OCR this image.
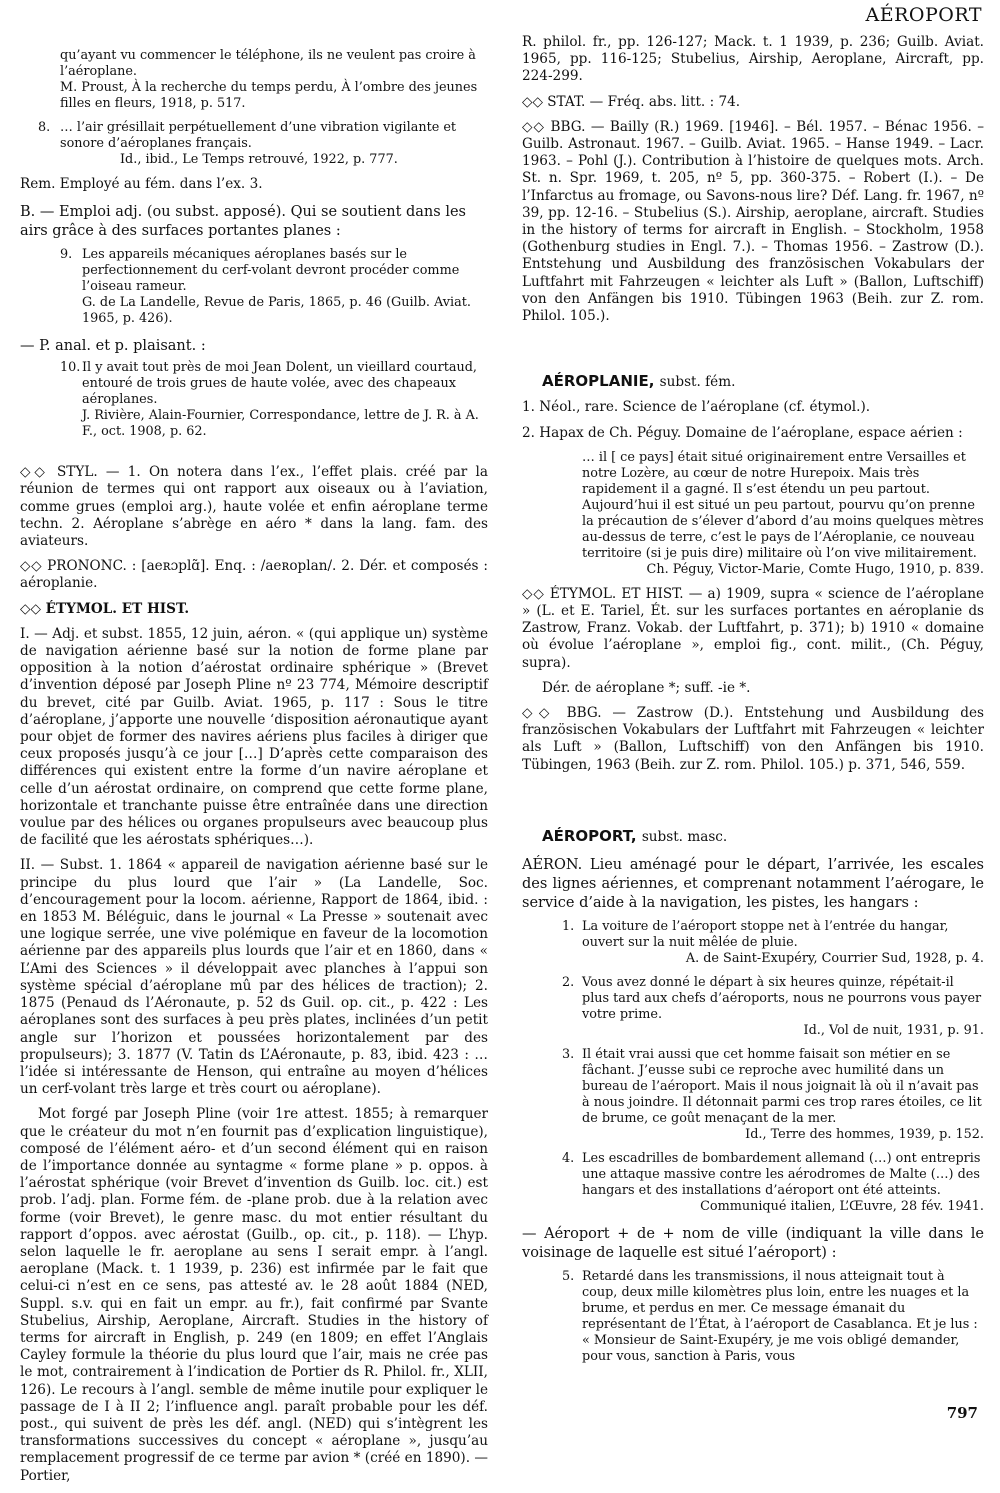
AÉROPORT
qu’ayant vu commencer le téléphone, ils ne veulent pas croire à l’aéroplane.
M. Proust, À la recherche du temps perdu, À l’ombre des jeunes filles en fleurs, 1918, p. 517.
8. … l’air grésillait perpétuellement d’une vibration vigilante et sonore d’aéroplanes français.
Id., ibid., Le Temps retrouvé, 1922, p. 777.
Rem. Employé au fém. dans l’ex. 3.
B. — Emploi adj. (ou subst. apposé). Qui se soutient dans les airs grâce à des surfaces portantes planes :
9. Les appareils mécaniques aéroplanes basés sur le perfectionnement du cerf-volant devront procéder comme l’oiseau rameur.
G. de La Landelle, Revue de Paris, 1865, p. 46 (Guilb. Aviat. 1965, p. 426).
— P. anal. et p. plaisant. :
10. Il y avait tout près de moi Jean Dolent, un vieillard courtaud, entouré de trois grues de haute volée, avec des chapeaux aéroplanes.
J. Rivière, Alain-Fournier, Correspondance, lettre de J. R. à A. F., oct. 1908, p. 62.
◇◇ STYL. — 1. On notera dans l’ex., l’effet plais. créé par la réunion de termes qui ont rapport aux oiseaux ou à l’aviation, comme grues (emploi arg.), haute volée et enfin aéroplane terme techn. 2. Aéroplane s’abrège en aéro * dans la lang. fam. des aviateurs.
◇◇ PRONONC. : [aeʀɔplɑ̃]. Enq. : /aeʀoplan/. 2. Dér. et composés : aéroplanie.
◇◇ ÉTYMOL. ET HIST.
I. — Adj. et subst. 1855, 12 juin, aéron. « (qui applique un) système de navigation aérienne basé sur la notion de forme plane par opposition à la notion d’aérostat ordinaire sphérique » (Brevet d’invention déposé par Joseph Pline nº 23 774, Mémoire descriptif du brevet, cité par Guilb. Aviat. 1965, p. 117 : Sous le titre d’aéroplane, j’apporte une nouvelle ‘disposition aéronautique ayant pour objet de former des navires aériens plus faciles à diriger que ceux proposés jusqu’à ce jour […] D’après cette comparaison des différences qui existent entre la forme d’un navire aéroplane et celle d’un aérostat ordinaire, on comprend que cette forme plane, horizontale et tranchante puisse être entraînée dans une direction voulue par des hélices ou organes propulseurs avec beaucoup plus de facilité que les aérostats sphériques…).
II. — Subst. 1. 1864 « appareil de navigation aérienne basé sur le principe du plus lourd que l’air » (La Landelle, Soc. d’encouragement pour la locom. aérienne, Rapport de 1864, ibid. : en 1853 M. Béléguic, dans le journal « La Presse » soutenait avec une logique serrée, une vive polémique en faveur de la locomotion aérienne par des appareils plus lourds que l’air et en 1860, dans « L’Ami des Sciences » il développait avec planches à l’appui son système spécial d’aéroplane mû par des hélices de traction); 2. 1875 (Penaud ds l’Aéronaute, p. 52 ds Guil. op. cit., p. 422 : Les aéroplanes sont des surfaces à peu près plates, inclinées d’un petit angle sur l’horizon et poussées horizontalement par des propulseurs); 3. 1877 (V. Tatin ds L’Aéronaute, p. 83, ibid. 423 : … l’idée si intéressante de Henson, qui entraîne au moyen d’hélices un cerf-volant très large et très court ou aéroplane).
Mot forgé par Joseph Pline (voir 1re attest. 1855; à remarquer que le créateur du mot n’en fournit pas d’explication linguistique), composé de l’élément aéro- et d’un second élément qui en raison de l’importance donnée au syntagme « forme plane » p. oppos. à l’aérostat sphérique (voir Brevet d’invention ds Guilb. loc. cit.) est prob. l’adj. plan. Forme fém. de -plane prob. due à la relation avec forme (voir Brevet), le genre masc. du mot entier résultant du rapport d’oppos. avec aérostat (Guilb., op. cit., p. 118). — L’hyp. selon laquelle le fr. aeroplane au sens I serait empr. à l’angl. aeroplane (Mack. t. 1 1939, p. 236) est infirmée par le fait que celui-ci n’est en ce sens, pas attesté av. le 28 août 1884 (NED, Suppl. s.v. qui en fait un empr. au fr.), fait confirmé par Svante Stubelius, Airship, Aeroplane, Aircraft. Studies in the history of terms for aircraft in English, p. 249 (en 1809; en effet l’Anglais Cayley formule la théorie du plus lourd que l’air, mais ne crée pas le mot, contrairement à l’indication de Portier ds R. Philol. fr., XLII, 126). Le recours à l’angl. semble de même inutile pour expliquer le passage de I à II 2; l’influence angl. paraît probable pour les déf. post., qui suivent de près les déf. angl. (NED) qui s’intègrent les transformations successives du concept « aéroplane », jusqu’au remplacement progressif de ce terme par avion * (créé en 1890). — Portier,
R. philol. fr., pp. 126-127; Mack. t. 1 1939, p. 236; Guilb. Aviat. 1965, pp. 116-125; Stubelius, Airship, Aeroplane, Aircraft, pp. 224-299.
◇◇ STAT. — Fréq. abs. litt. : 74.
◇◇ BBG. — Bailly (R.) 1969. [1946]. – Bél. 1957. – Bénac 1956. – Guilb. Astronaut. 1967. – Guilb. Aviat. 1965. – Hanse 1949. – Lacr. 1963. – Pohl (J.). Contribution à l’histoire de quelques mots. Arch. St. n. Spr. 1969, t. 205, nº 5, pp. 360-375. – Robert (I.). – De l’Infarctus au fromage, ou Savons-nous lire? Déf. Lang. fr. 1967, nº 39, pp. 12-16. – Stubelius (S.). Airship, aeroplane, aircraft. Studies in the history of terms for aircraft in English. – Stockholm, 1958 (Gothenburg studies in Engl. 7.). – Thomas 1956. – Zastrow (D.). Entstehung und Ausbildung des französischen Vokabulars der Luftfahrt mit Fahrzeugen « leichter als Luft » (Ballon, Luftschiff) von den Anfängen bis 1910. Tübingen 1963 (Beih. zur Z. rom. Philol. 105.).
AÉROPLANIE, subst. fém.
1. Néol., rare. Science de l’aéroplane (cf. étymol.).
2. Hapax de Ch. Péguy. Domaine de l’aéroplane, espace aérien :
… il [ ce pays] était situé originairement entre Versailles et notre Lozère, au cœur de notre Hurepoix. Mais très rapidement il a gagné. Il s’est étendu un peu partout. Aujourd’hui il est situé un peu partout, pourvu qu’on prenne la précaution de s’élever d’abord d’au moins quelques mètres au-dessus de terre, c’est le pays de l’Aéroplanie, ce nouveau territoire (si je puis dire) militaire où l’on vive militairement.
Ch. Péguy, Victor-Marie, Comte Hugo, 1910, p. 839.
◇◇ ÉTYMOL. ET HIST. — a) 1909, supra « science de l’aéroplane » (L. et E. Tariel, Ét. sur les surfaces portantes en aéroplanie ds Zastrow, Franz. Vokab. der Luftfahrt, p. 371); b) 1910 « domaine où évolue l’aéroplane », emploi fig., cont. milit., (Ch. Péguy, supra).
Dér. de aéroplane *; suff. -ie *.
◇◇ BBG. — Zastrow (D.). Entstehung und Ausbildung des französischen Vokabulars der Luftfahrt mit Fahrzeugen « leichter als Luft » (Ballon, Luftschiff) von den Anfängen bis 1910. Tübingen, 1963 (Beih. zur Z. rom. Philol. 105.) p. 371, 546, 559.
AÉROPORT, subst. masc.
AÉRON. Lieu aménagé pour le départ, l’arrivée, les escales des lignes aériennes, et comprenant notamment l’aérogare, le service d’aide à la navigation, les pistes, les hangars :
1. La voiture de l’aéroport stoppe net à l’entrée du hangar, ouvert sur la nuit mêlée de pluie.
A. de Saint-Exupéry, Courrier Sud, 1928, p. 4.
2. Vous avez donné le départ à six heures quinze, répétait-il plus tard aux chefs d’aéroports, nous ne pourrons vous payer votre prime.
Id., Vol de nuit, 1931, p. 91.
3. Il était vrai aussi que cet homme faisait son métier en se fâchant. J’eusse subi ce reproche avec humilité dans un bureau de l’aéroport. Mais il nous joignait là où il n’avait pas à nous joindre. Il détonnait parmi ces trop rares étoiles, ce lit de brume, ce goût menaçant de la mer.
Id., Terre des hommes, 1939, p. 152.
4. Les escadrilles de bombardement allemand (…) ont entrepris une attaque massive contre les aérodromes de Malte (…) des hangars et des installations d’aéroport ont été atteints.
Communiqué italien, L’Œuvre, 28 fév. 1941.
— Aéroport + de + nom de ville (indiquant la ville dans le voisinage de laquelle est situé l’aéroport) :
5. Retardé dans les transmissions, il nous atteignait tout à coup, deux mille kilomètres plus loin, entre les nuages et la brume, et perdus en mer. Ce message émanait du représentant de l’État, à l’aéroport de Casablanca. Et je lus : « Monsieur de Saint-Exupéry, je me vois obligé demander, pour vous, sanction à Paris, vous
797
